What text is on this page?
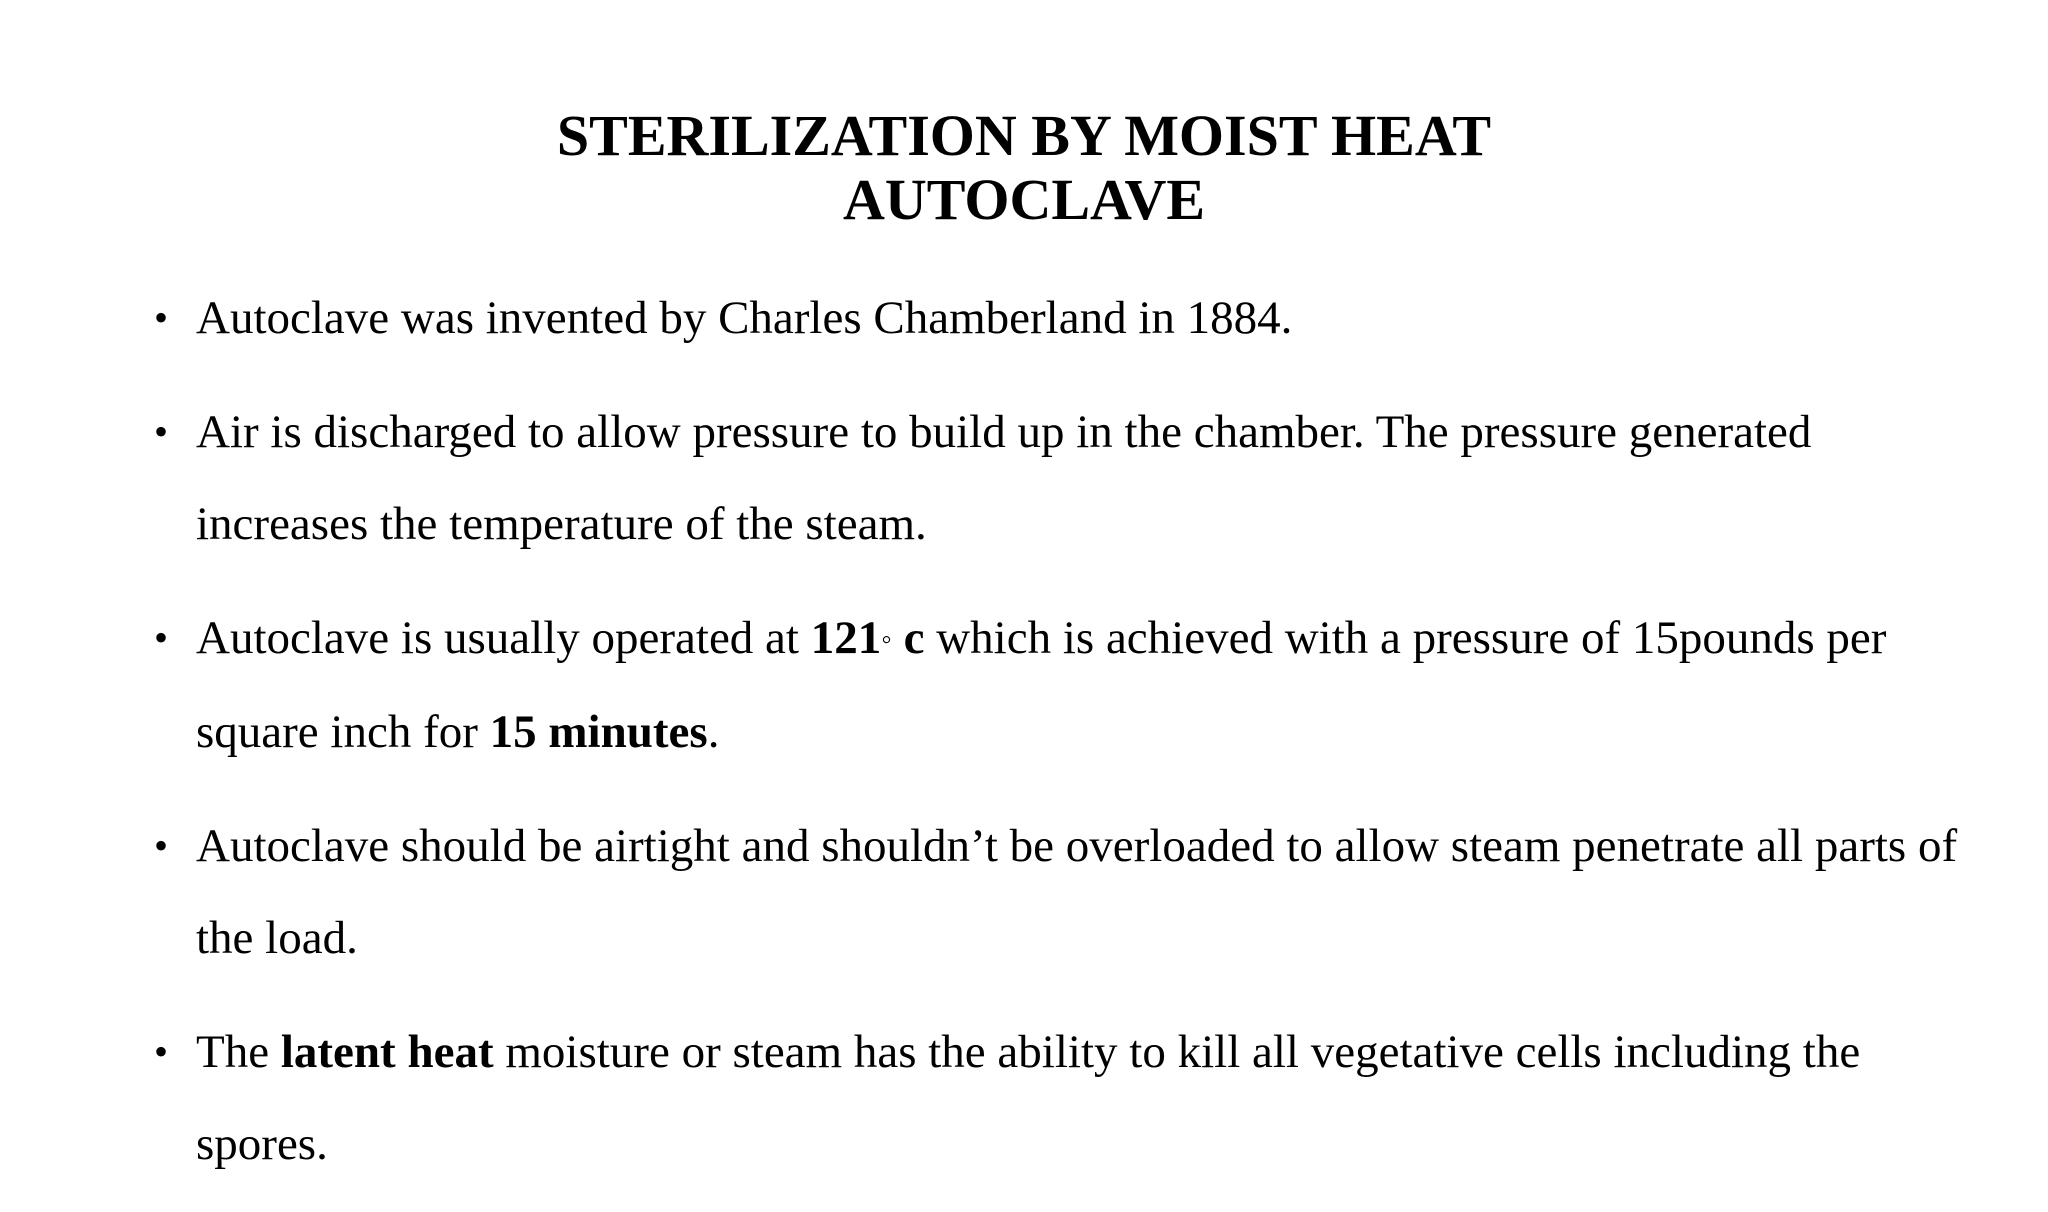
STERILIZATION BY MOIST HEAT
AUTOCLAVE
• Autoclave was invented by Charles Chamberland in 1884.
• Air is discharged to allow pressure to build up in the chamber. The pressure generated increases the temperature of the steam.
• Autoclave is usually operated at 121◦ c which is achieved with a pressure of 15pounds per square inch for 15 minutes.
• Autoclave should be airtight and shouldn’t be overloaded to allow steam penetrate all parts of the load.
• The latent heat moisture or steam has the ability to kill all vegetative cells including the spores.
